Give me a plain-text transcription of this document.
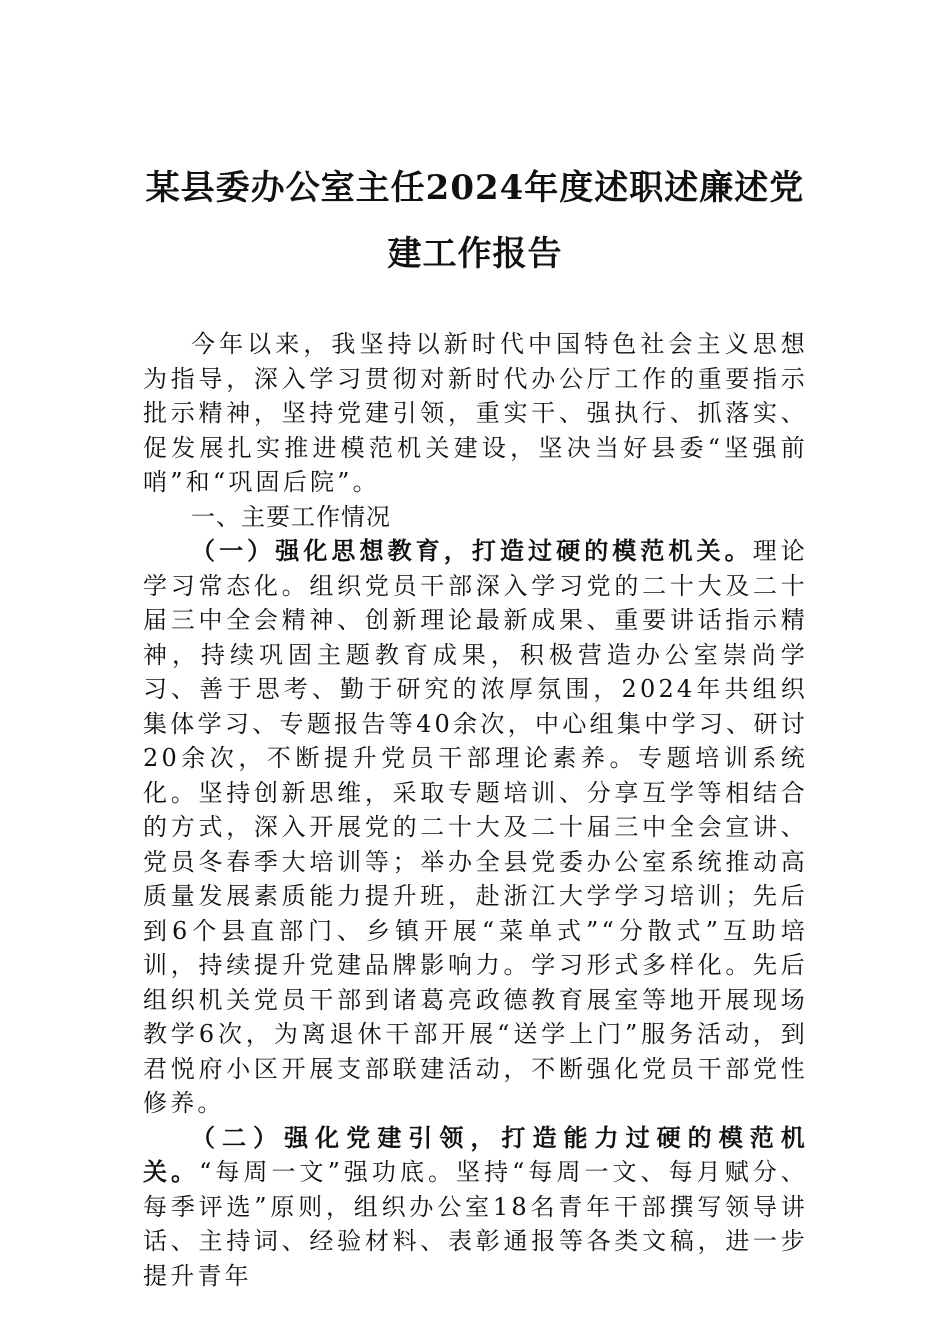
某县委办公室主任2024年度述职述廉述党
建工作报告

今年以来，我坚持以新时代中国特色社会主义思想为指导，深入学习贯彻对新时代办公厅工作的重要指示批示精神，坚持党建引领，重实干、强执行、抓落实、促发展扎实推进模范机关建设，坚决当好县委“坚强前哨”和“巩固后院”。

一、主要工作情况

（一）强化思想教育，打造过硬的模范机关。理论学习常态化。组织党员干部深入学习党的二十大及二十届三中全会精神、创新理论最新成果、重要讲话指示精神，持续巩固主题教育成果，积极营造办公室崇尚学习、善于思考、勤于研究的浓厚氛围，2024年共组织集体学习、专题报告等40余次，中心组集中学习、研讨20余次，不断提升党员干部理论素养。专题培训系统化。坚持创新思维，采取专题培训、分享互学等相结合的方式，深入开展党的二十大及二十届三中全会宣讲、党员冬春季大培训等；举办全县党委办公室系统推动高质量发展素质能力提升班，赴浙江大学学习培训；先后到6个县直部门、乡镇开展“菜单式”“分散式”互助培训，持续提升党建品牌影响力。学习形式多样化。先后组织机关党员干部到诸葛亮政德教育展室等地开展现场教学6次，为离退休干部开展“送学上门”服务活动，到君悦府小区开展支部联建活动，不断强化党员干部党性修养。

（二）强化党建引领，打造能力过硬的模范机关。“每周一文”强功底。坚持“每周一文、每月赋分、每季评选”原则，组织办公室18名青年干部撰写领导讲话、主持词、经验材料、表彰通报等各类文稿，进一步提升青年
